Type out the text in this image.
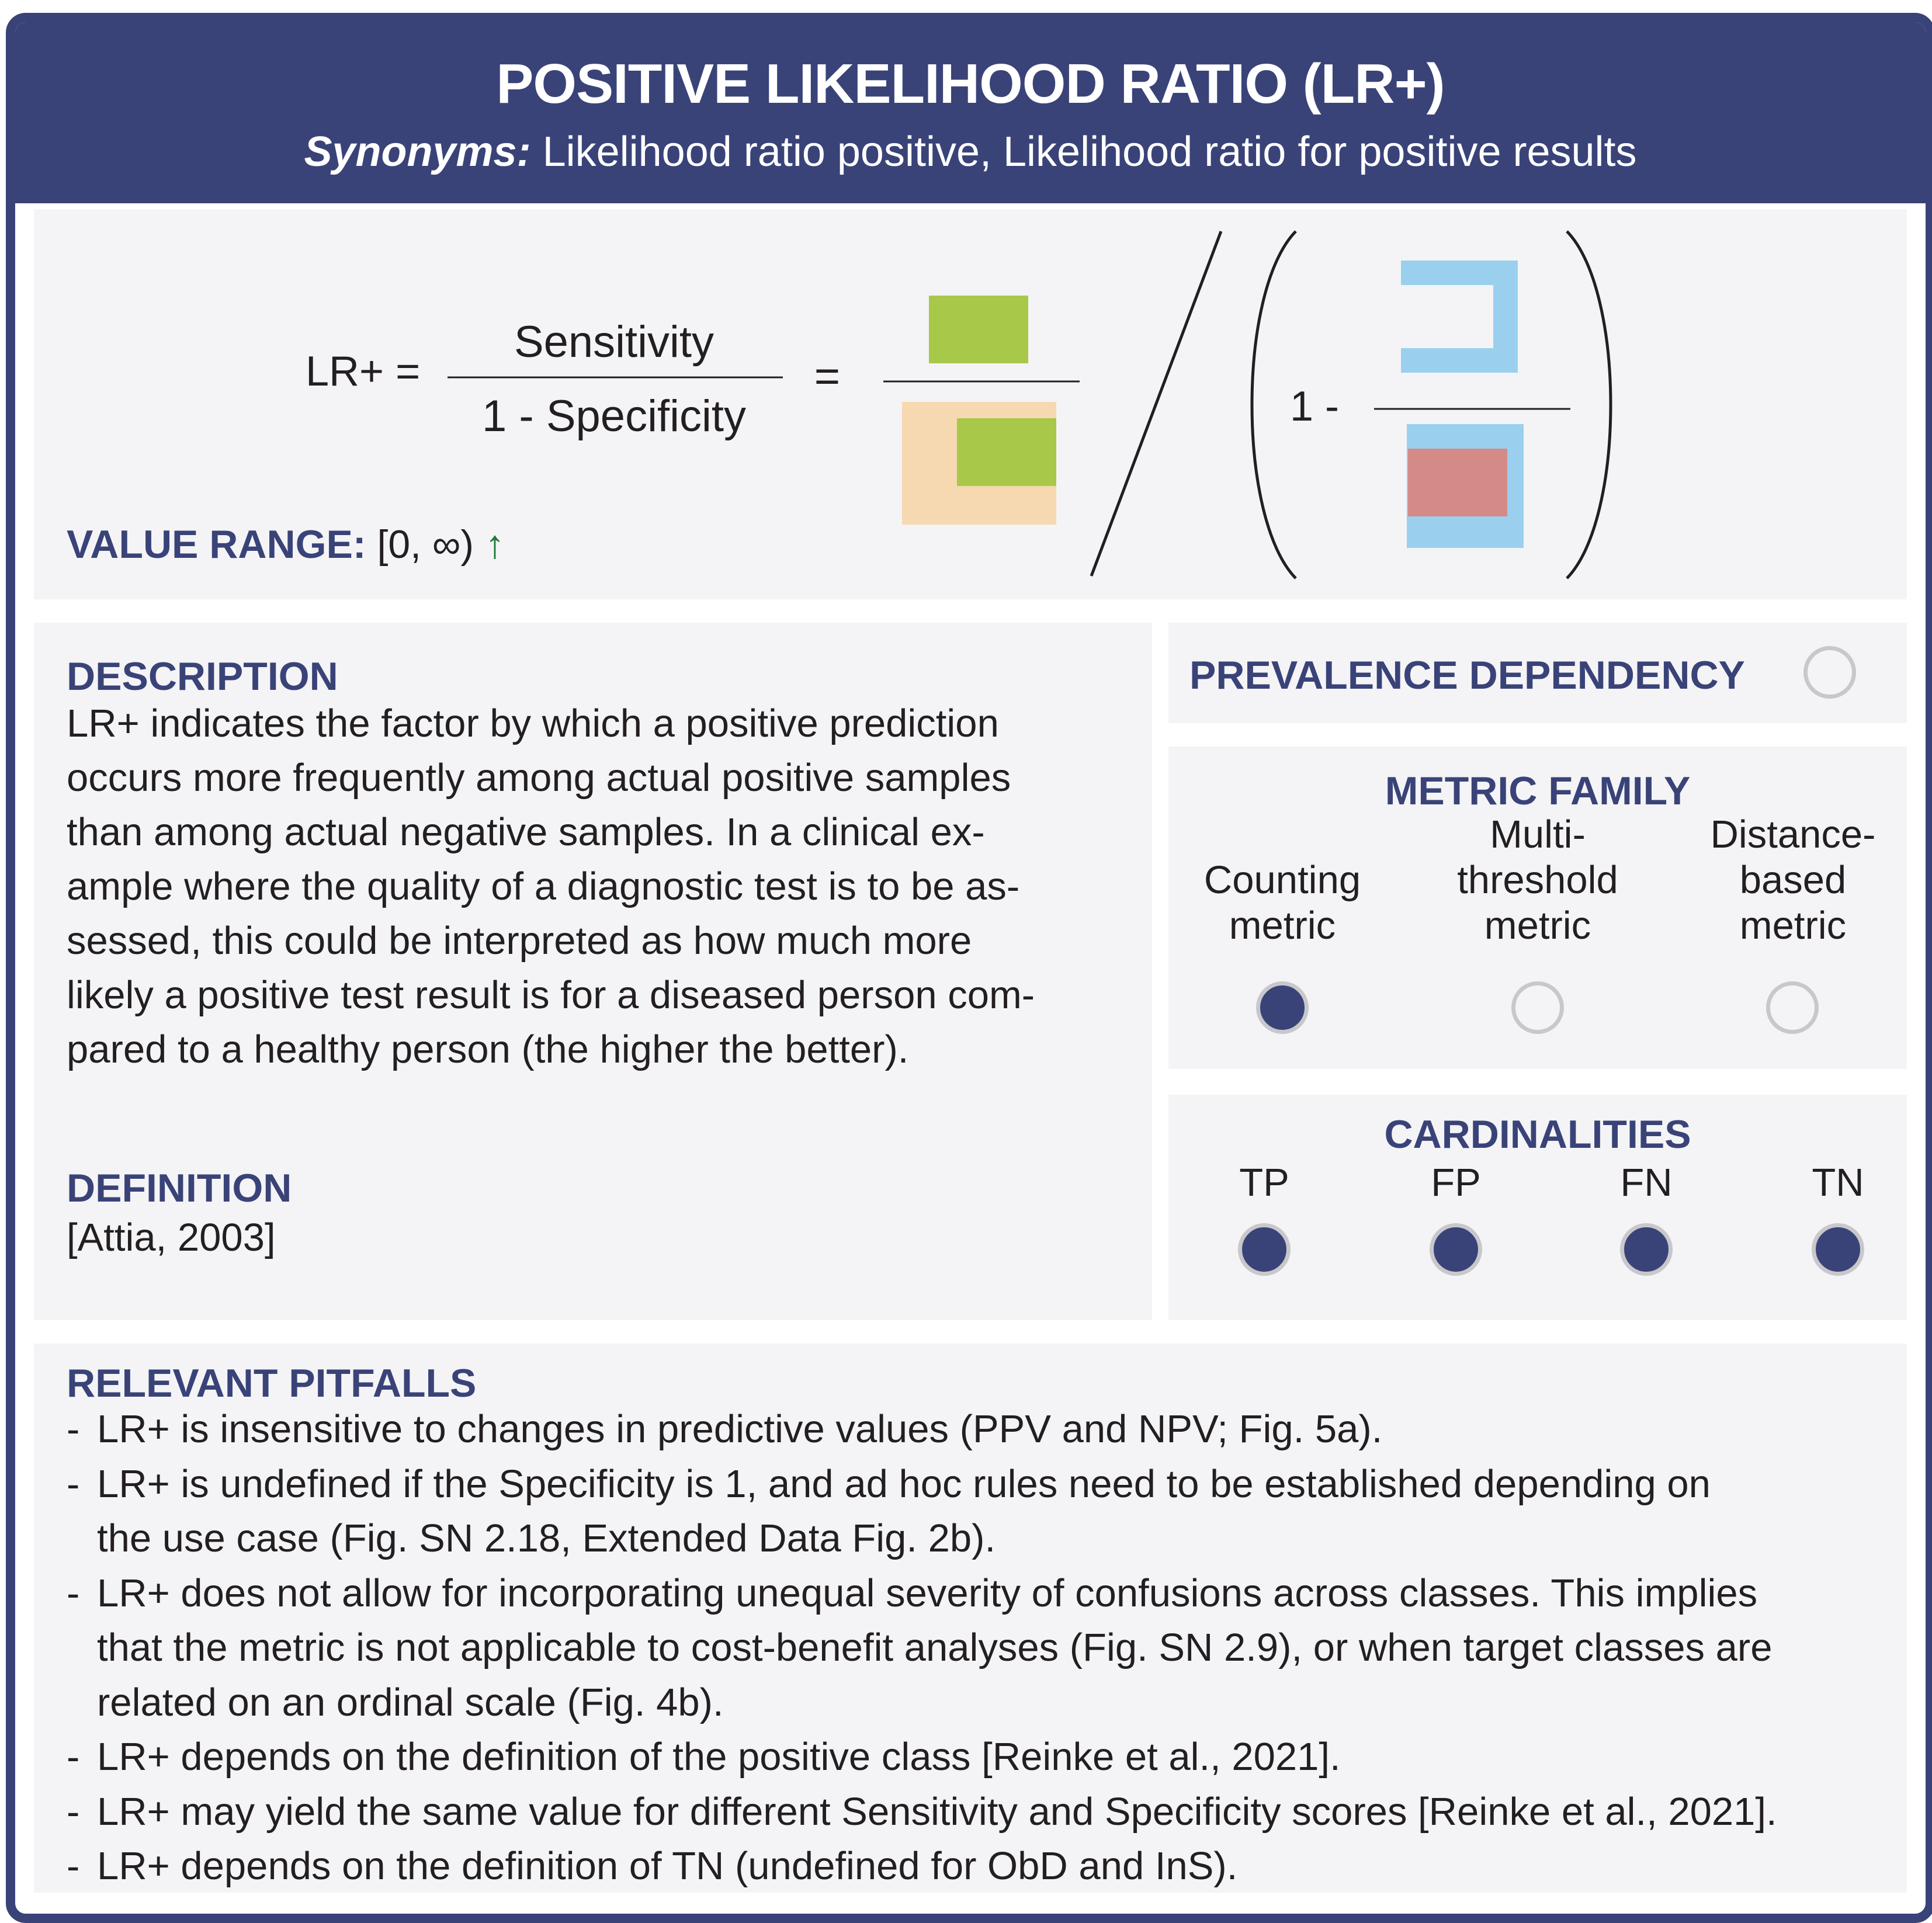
POSITIVE LIKELIHOOD RATIO (LR+)
Synonyms: Likelihood ratio positive, Likelihood ratio for positive results
LR+ =
Sensitivity
1 - Specificity
=
1 -
VALUE RANGE: [0, ∞) ↑
DESCRIPTION
LR+ indicates the factor by which a positive prediction
occurs more frequently among actual positive samples
than among actual negative samples. In a clinical ex-
ample where the quality of a diagnostic test is to be as-
sessed, this could be interpreted as how much more
likely a positive test result is for a diseased person com-
pared to a healthy person (the higher the better).
DEFINITION
[Attia, 2003]
PREVALENCE DEPENDENCY
METRIC FAMILY
Counting
metric
Multi-
threshold
metric
Distance-
based
metric
CARDINALITIES
TP	FP	FN	TN
RELEVANT PITFALLS
- LR+ is insensitive to changes in predictive values (PPV and NPV; Fig. 5a).
- LR+ is undefined if the Specificity is 1, and ad hoc rules need to be established depending on
the use case (Fig. SN 2.18, Extended Data Fig. 2b).
- LR+ does not allow for incorporating unequal severity of confusions across classes. This implies
that the metric is not applicable to cost-benefit analyses (Fig. SN 2.9), or when target classes are
related on an ordinal scale (Fig. 4b).
- LR+ depends on the definition of the positive class [Reinke et al., 2021].
- LR+ may yield the same value for different Sensitivity and Specificity scores [Reinke et al., 2021].
- LR+ depends on the definition of TN (undefined for ObD and InS).
